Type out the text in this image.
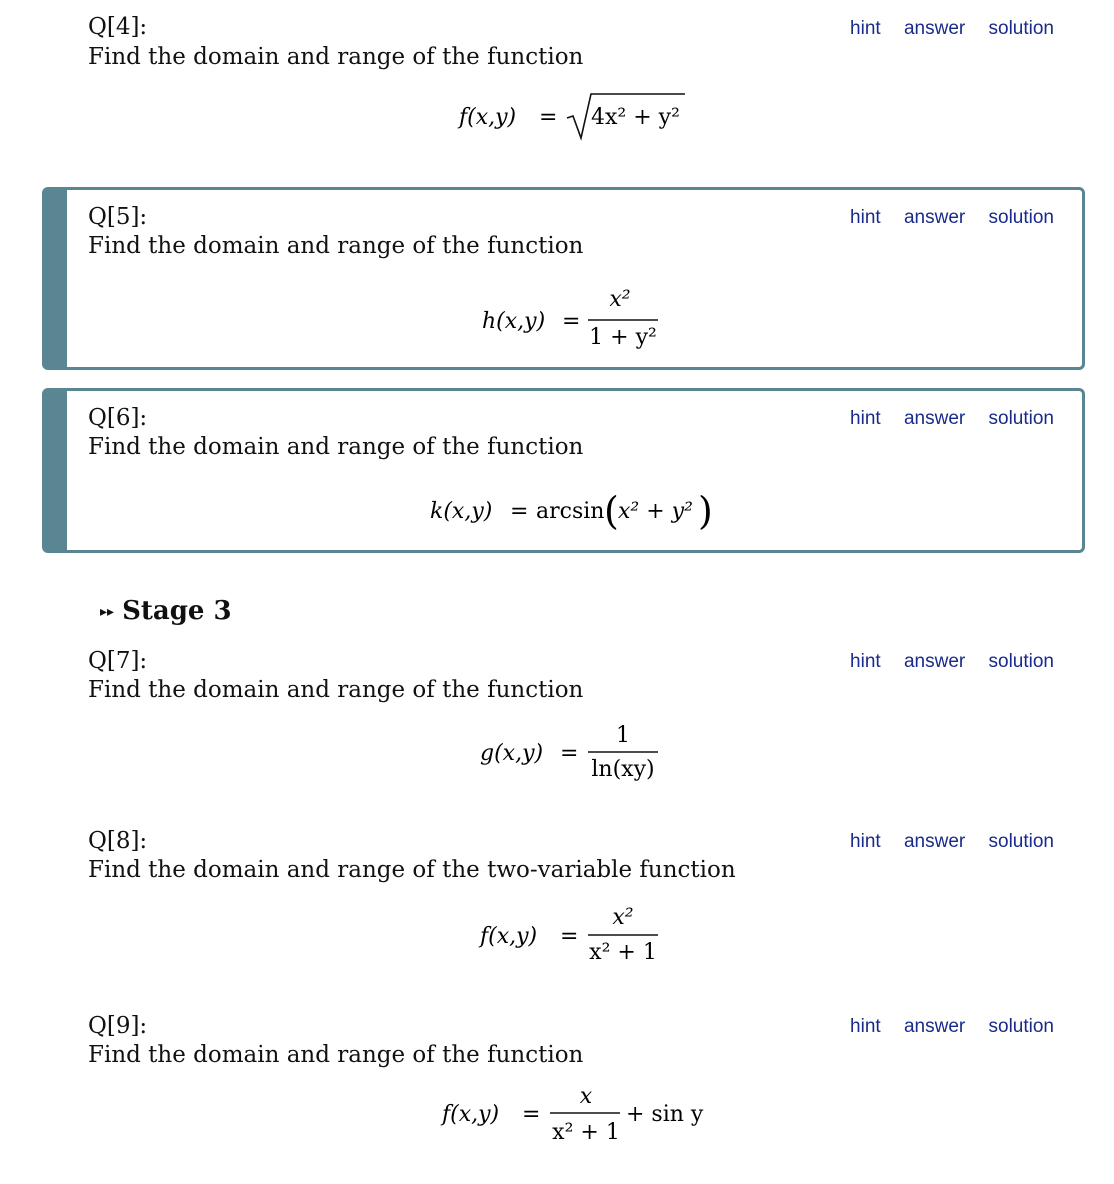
Q[4]:
Find the domain and range of the function
hint answer solution
f(x,y) = 4x² + y²
Q[5]:
Find the domain and range of the function
hint answer solution
h(x,y) =
x²
1 + y²
Q[6]:
Find the domain and range of the function
hint answer solution
k(x,y) = arcsin ( x² + y² )
▸▸ Stage 3
Q[7]:
Find the domain and range of the function
hint answer solution
g(x,y) =
1
ln(xy)
Q[8]:
Find the domain and range of the two-variable function
hint answer solution
f(x,y) =
x²
x² + 1
Q[9]:
Find the domain and range of the function
hint answer solution
f(x,y) =
x
x² + 1
+ sin y
